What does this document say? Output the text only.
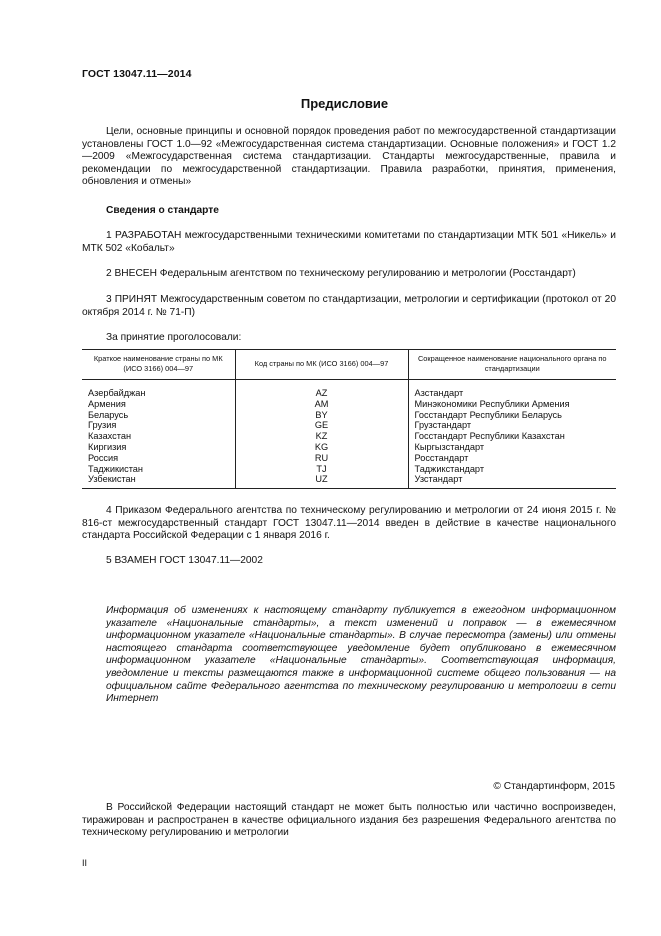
ГОСТ 13047.11—2014
Предисловие
Цели, основные принципы и основной порядок проведения работ по межгосударственной стандартизации установлены ГОСТ 1.0—92 «Межгосударственная система стандартизации. Основные положения» и ГОСТ 1.2—2009 «Межгосударственная система стандартизации. Стандарты межгосударственные, правила и рекомендации по межгосударственной стандартизации. Правила разработки, принятия, применения, обновления и отмены»
Сведения о стандарте
1 РАЗРАБОТАН межгосударственными техническими комитетами по стандартизации МТК 501 «Никель» и МТК 502 «Кобальт»
2 ВНЕСЕН Федеральным агентством по техническому регулированию и метрологии (Росстандарт)
3 ПРИНЯТ Межгосударственным советом по стандартизации, метрологии и сертификации (протокол от 20 октября 2014 г. № 71-П)
За принятие проголосовали:
Краткое наименование страны по МК (ИСО 3166) 004—97	Код страны по МК (ИСО 3166) 004—97	Сокращенное наименование национального органа по стандартизации
Азербайджан	AZ	Азстандарт
Армения	AM	Минэкономики Республики Армения
Беларусь	BY	Госстандарт Республики Беларусь
Грузия	GE	Грузстандарт
Казахстан	KZ	Госстандарт Республики Казахстан
Киргизия	KG	Кыргызстандарт
Россия	RU	Росстандарт
Таджикистан	TJ	Таджикстандарт
Узбекистан	UZ	Узстандарт
4 Приказом Федерального агентства по техническому регулированию и метрологии от 24 июня 2015 г. № 816-ст межгосударственный стандарт ГОСТ 13047.11—2014 введен в действие в качестве национального стандарта Российской Федерации с 1 января 2016 г.
5 ВЗАМЕН ГОСТ 13047.11—2002
Информация об изменениях к настоящему стандарту публикуется в ежегодном информационном указателе «Национальные стандарты», а текст изменений и поправок — в ежемесячном информационном указателе «Национальные стандарты». В случае пересмотра (замены) или отмены настоящего стандарта соответствующее уведомление будет опубликовано в ежемесячном информационном указателе «Национальные стандарты». Соответствующая информация, уведомление и тексты размещаются также в информационной системе общего пользования — на официальном сайте Федерального агентства по техническому регулированию и метрологии в сети Интернет
© Стандартинформ, 2015
В Российской Федерации настоящий стандарт не может быть полностью или частично воспроизведен, тиражирован и распространен в качестве официального издания без разрешения Федерального агентства по техническому регулированию и метрологии
II
